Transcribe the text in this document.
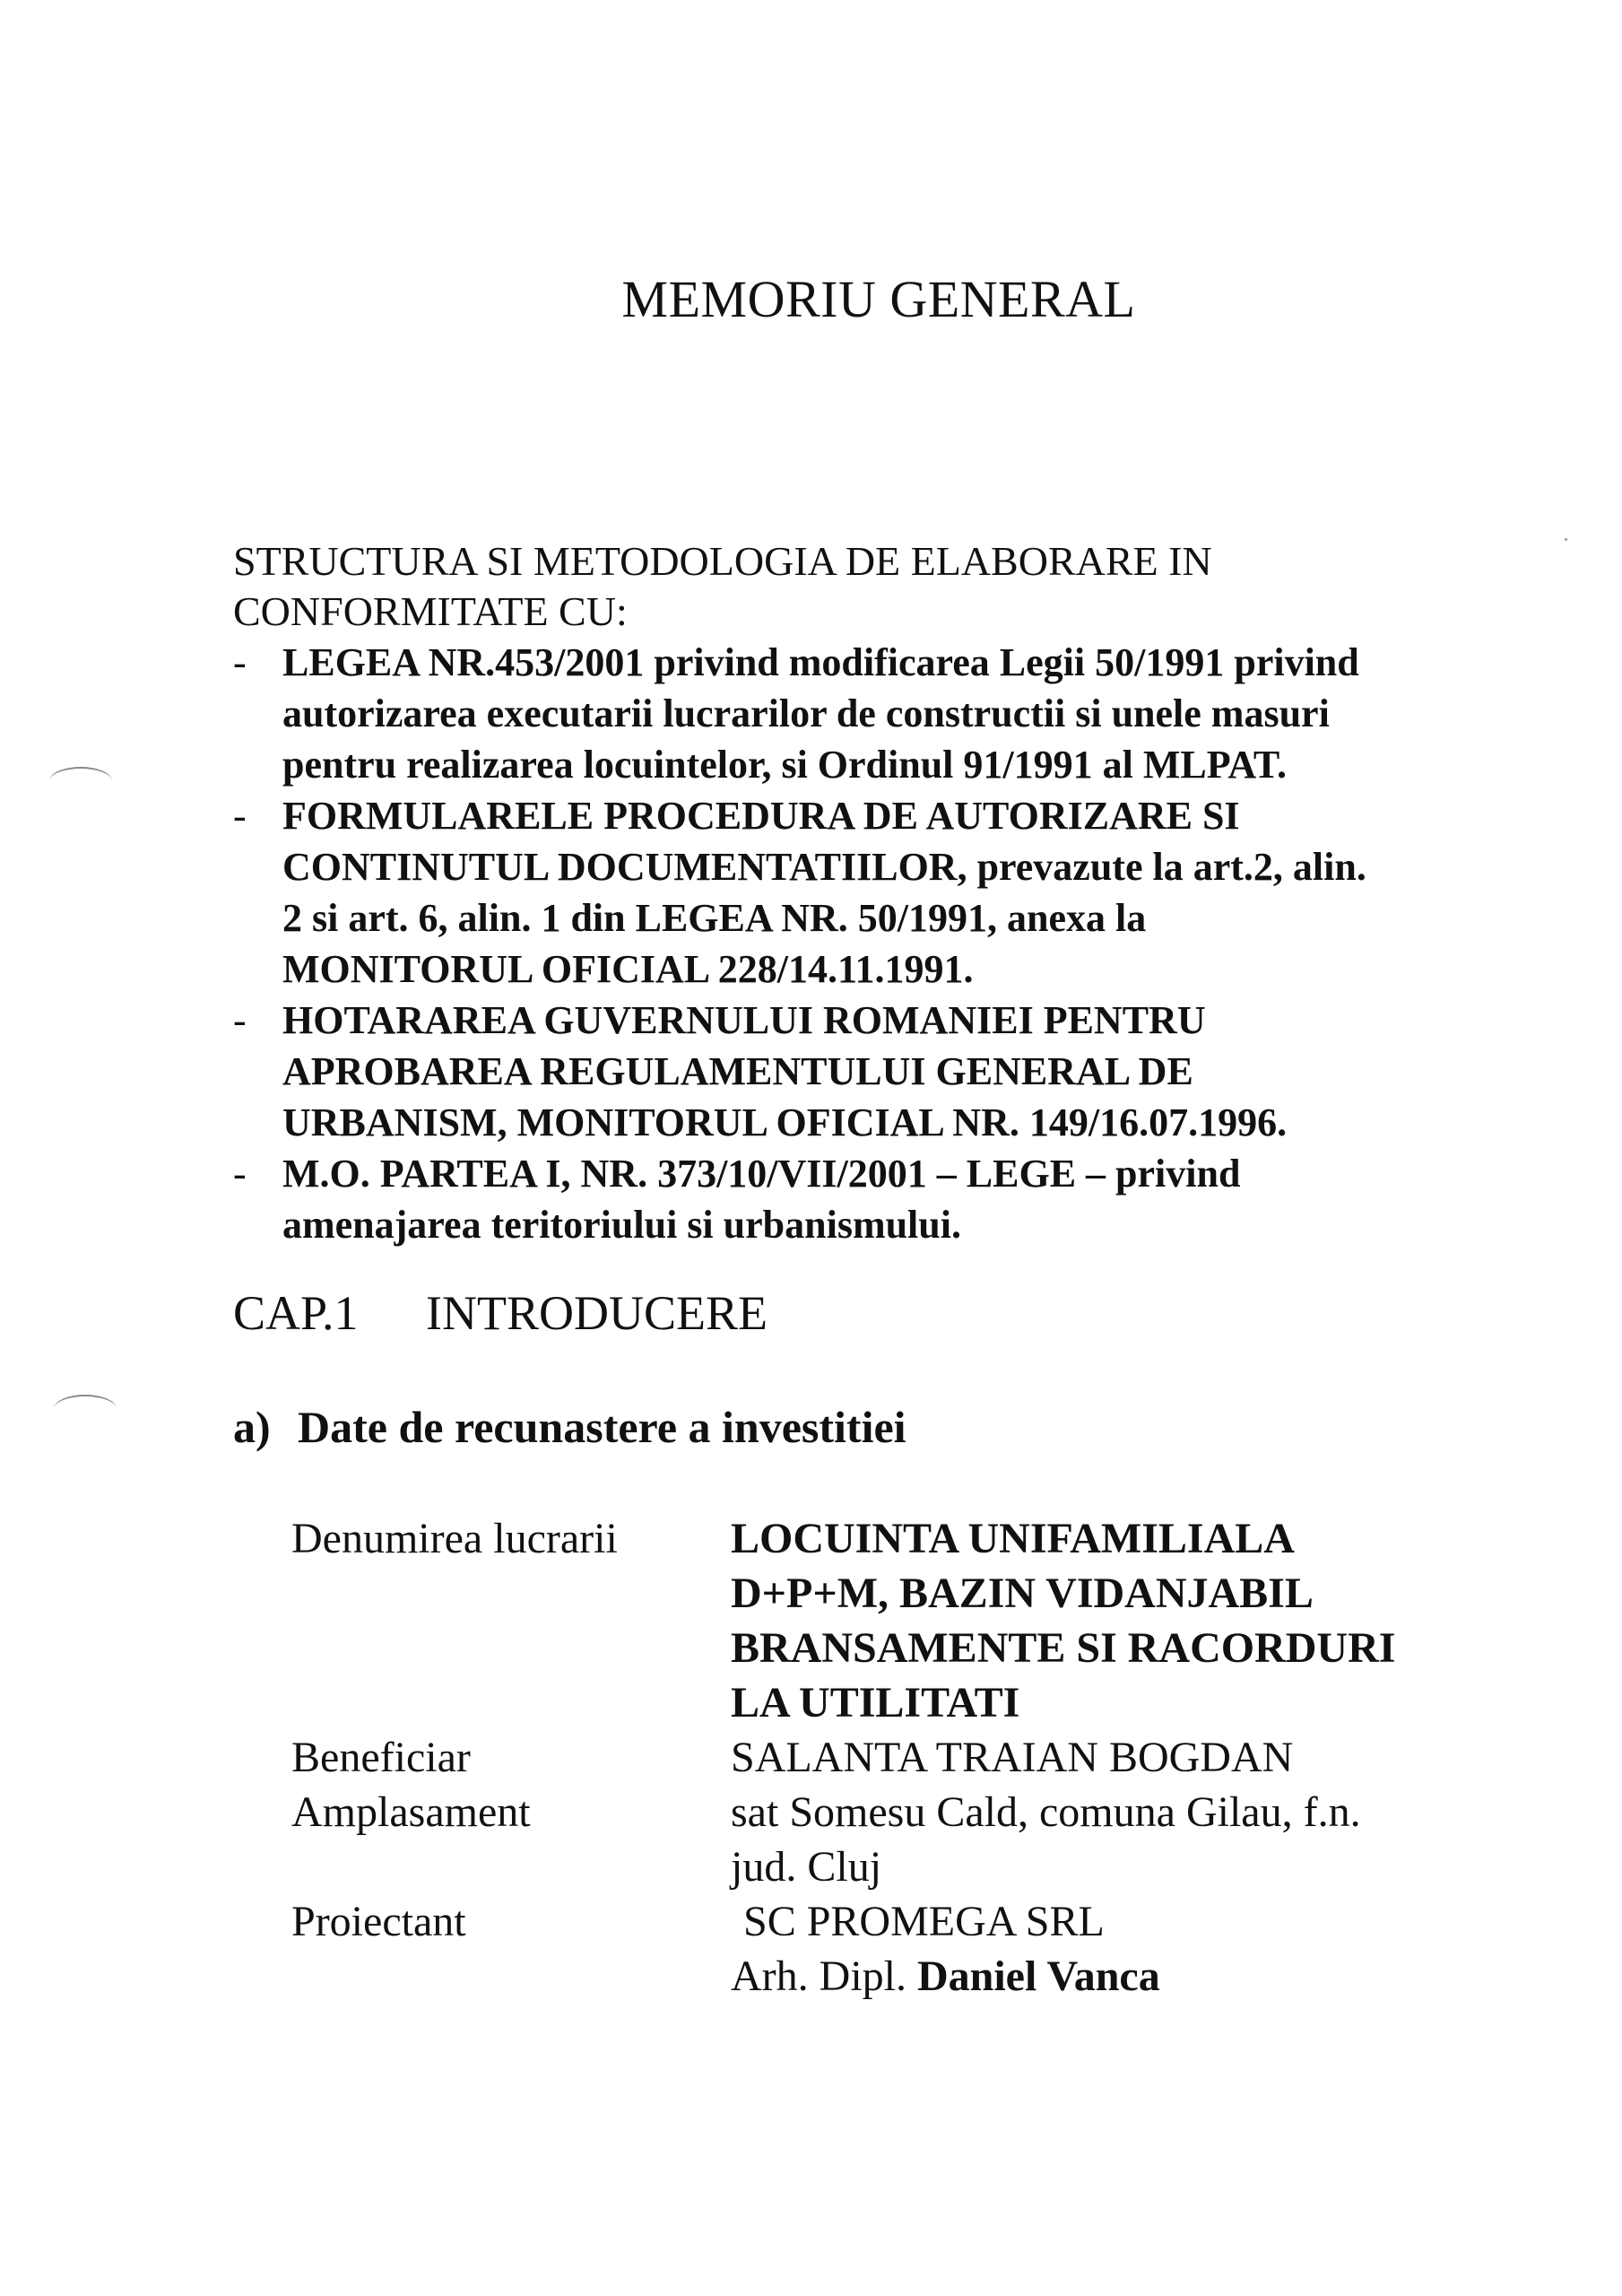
MEMORIU GENERAL

STRUCTURA SI METODOLOGIA DE ELABORARE IN
CONFORMITATE CU:

- LEGEA NR.453/2001 privind modificarea Legii 50/1991 privind
autorizarea executarii lucrarilor de constructii si unele masuri
pentru realizarea locuintelor, si Ordinul 91/1991 al MLPAT.
- FORMULARELE PROCEDURA DE AUTORIZARE SI
CONTINUTUL DOCUMENTATIILOR, prevazute la art.2, alin.
2 si art. 6, alin. 1 din LEGEA NR. 50/1991, anexa la
MONITORUL OFICIAL 228/14.11.1991.
- HOTARAREA GUVERNULUI ROMANIEI PENTRU
APROBAREA REGULAMENTULUI GENERAL DE
URBANISM, MONITORUL OFICIAL NR. 149/16.07.1996.
- M.O. PARTEA I, NR. 373/10/VII/2001 – LEGE – privind
amenajarea teritoriului si urbanismului.
CAP.1 INTRODUCERE
a) Date de recunastere a investitiei
Denumirea lucrarii	LOCUINTA UNIFAMILIALA
D+P+M, BAZIN VIDANJABIL
BRANSAMENTE SI RACORDURI
LA UTILITATI
Beneficiar	SALANTA TRAIAN BOGDAN
Amplasament	sat Somesu Cald, comuna Gilau, f.n.
jud. Cluj
Proiectant	SC PROMEGA SRL
Arh. Dipl. Daniel Vanca
